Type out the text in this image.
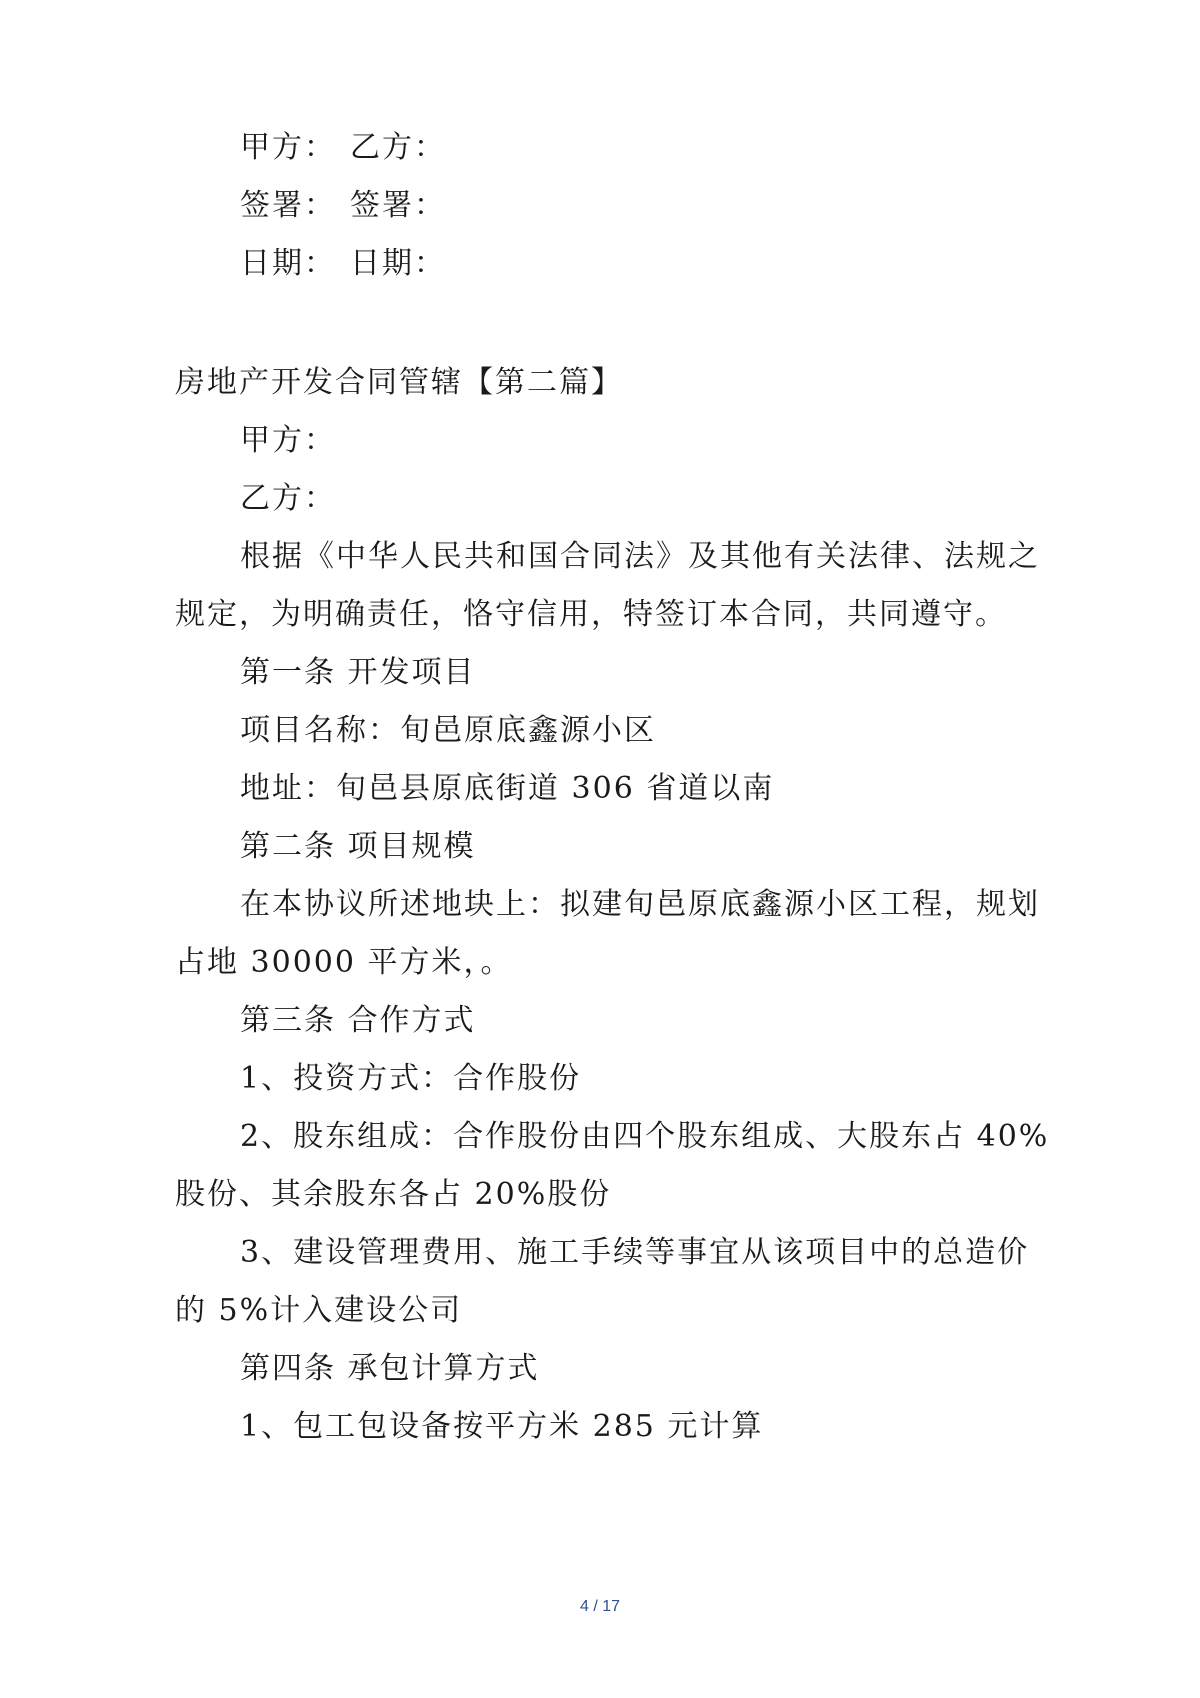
甲方： 乙方：
签署： 签署：
日期： 日期：
房地产开发合同管辖【第二篇】
甲方：
乙方：
根据《中华人民共和国合同法》及其他有关法律、法规之
规定，为明确责任，恪守信用，特签订本合同，共同遵守。
第一条 开发项目
项目名称：旬邑原底鑫源小区
地址：旬邑县原底街道 306 省道以南
第二条 项目规模
在本协议所述地块上：拟建旬邑原底鑫源小区工程，规划
占地 30000 平方米，。
第三条 合作方式
1、投资方式：合作股份
2、股东组成：合作股份由四个股东组成、大股东占 40%
股份、其余股东各占 20%股份
3、建设管理费用、施工手续等事宜从该项目中的总造价
的 5%计入建设公司
第四条 承包计算方式
1、包工包设备按平方米 285 元计算
4 / 17
